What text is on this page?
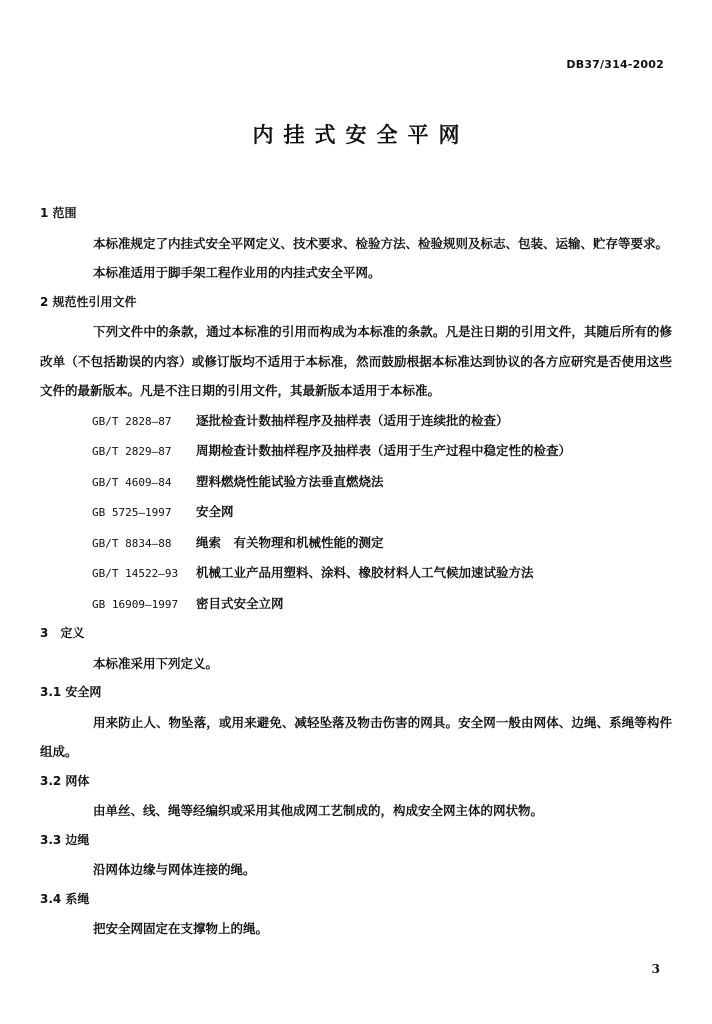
DB37/314-2002
内挂式安全平网

1 范围

本标准规定了内挂式安全平网定义、技术要求、检验方法、检验规则及标志、包装、运输、贮存等要求。

本标准适用于脚手架工程作业用的内挂式安全平网。

2 规范性引用文件

下列文件中的条款，通过本标准的引用而构成为本标准的条款。凡是注日期的引用文件，其随后所有的修改单（不包括勘误的内容）或修订版均不适用于本标准，然而鼓励根据本标准达到协议的各方应研究是否使用这些文件的最新版本。凡是不注日期的引用文件，其最新版本适用于本标准。

GB/T 2828—87 逐批检查计数抽样程序及抽样表（适用于连续批的检查）
GB/T 2829—87 周期检查计数抽样程序及抽样表（适用于生产过程中稳定性的检查）
GB/T 4609—84 塑料燃烧性能试验方法垂直燃烧法
GB 5725—1997 安全网
GB/T 8834—88 绳索　有关物理和机械性能的测定
GB/T 14522—93 机械工业产品用塑料、涂料、橡胶材料人工气候加速试验方法
GB 16909—1997 密目式安全立网

3　定义

本标准采用下列定义。

3.1 安全网

用来防止人、物坠落，或用来避免、减轻坠落及物击伤害的网具。安全网一般由网体、边绳、系绳等构件组成。

3.2 网体

由单丝、线、绳等经编织或采用其他成网工艺制成的，构成安全网主体的网状物。

3.3 边绳

沿网体边缘与网体连接的绳。

3.4 系绳

把安全网固定在支撑物上的绳。

3
